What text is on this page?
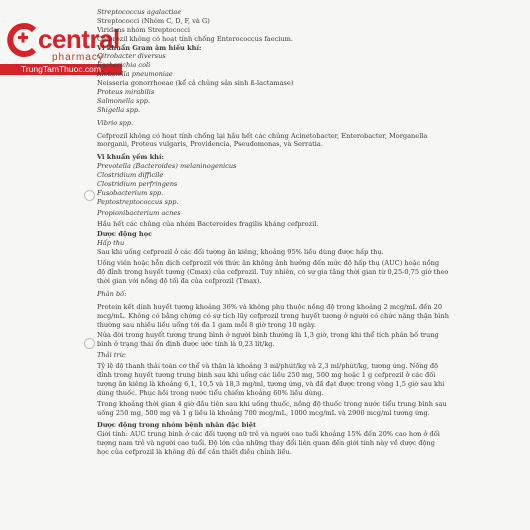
central
pharmacy
TrungTamThuoc.com
Streptococcus agalactiae
Streptococci (Nhóm C, D, F, và G)
Viridans nhóm Streptococci
Cefprozil không có hoạt tính chống Enterococcus faecium.
Vi khuẩn Gram âm hiếu khí:
Citrobacter diversus
Escherichia coli
Klebsiella pneumoniae
Neisseria gonorrhoeae (kể cả chủng sản sinh ß-lactamase)
Proteus mirabilis
Salmonella spp.
Shigella spp.
Vibrio spp.
Cefprozil không có hoạt tính chống lại hầu hết các chủng Acinetobacter, Enterobacter, Morganella
morganii, Proteus vulgaris, Providencia, Pseudomonas, và Serratia.
Vi khuẩn yếm khí:
Prevotella (Bacteroides) melaninogenicus
Clostridium difficile
Clostridium perfringens
Fusobacterium spp.
Peptostreptococcus spp.
Propionibacterium acnes
Hầu hết các chủng của nhóm Bacteroides fragilis kháng cefprozil.
Dược động học
Hấp thu
Sau khi uống cefprozil ở các đối tượng ăn kiêng, khoảng 95% liều dùng được hấp thụ.
Uống viên hoặc hỗn dịch cefprozil với thức ăn không ảnh hưởng đến mức độ hấp thụ (AUC) hoặc nồng
độ đỉnh trong huyết tương (Cmax) của cefprozil. Tuy nhiên, có sự gia tăng thời gian từ 0,25-0,75 giờ theo
thời gian với nồng độ tối đa của cefprozil (Tmax).
Phân bố:
Protein kết dính huyết tương khoảng 36% và không phụ thuộc nồng độ trong khoảng 2 mcg/mL đến 20
mcg/mL. Không có bằng chứng có sự tích lũy cefprozil trong huyết tương ở người có chức năng thận bình
thường sau nhiều liều uống tới đa 1 gam mỗi 8 giờ trong 10 ngày.
Nửa đời trong huyết tương trung bình ở người bình thường là 1,3 giờ, trong khi thể tích phân bố trung
bình ở trạng thái ổn định được ước tính là 0,23 lít/kg.
Thải trừ:
Tỷ lệ độ thanh thải toàn cơ thể và thận là khoảng 3 ml/phút/kg và 2,3 ml/phút/kg, tương ứng. Nồng độ
đỉnh trong huyết tương trung bình sau khi uống các liều 250 mg, 500 mg hoặc 1 g cefprozil ở các đối
tượng ăn kiêng là khoảng 6,1, 10,5 và 18,3 mg/ml, tương ứng, và đã đạt được trong vòng 1,5 giờ sau khi
dùng thuốc. Phục hồi trong nước tiểu chiếm khoảng 60% liều dùng.
Trong khoảng thời gian 4 giờ đầu tiên sau khi uống thuốc, nồng độ thuốc trong nước tiểu trung bình sau
uống 250 mg, 500 mg và 1 g liều là khoảng 700 mcg/mL, 1000 mcg/mL và 2900 mcg/ml tương ứng.
Dược động trong nhóm bệnh nhân đặc biệt
Giới tính: AUC trung bình ở các đối tượng nữ trẻ và người cao tuổi khoảng 15% đến 20% cao hơn ở đối
tượng nam trẻ và người cao tuổi. Độ lớn của những thay đổi liên quan đến giới tính này về dược động
học của cefprozil là không đủ để cần thiết điều chỉnh liều.
